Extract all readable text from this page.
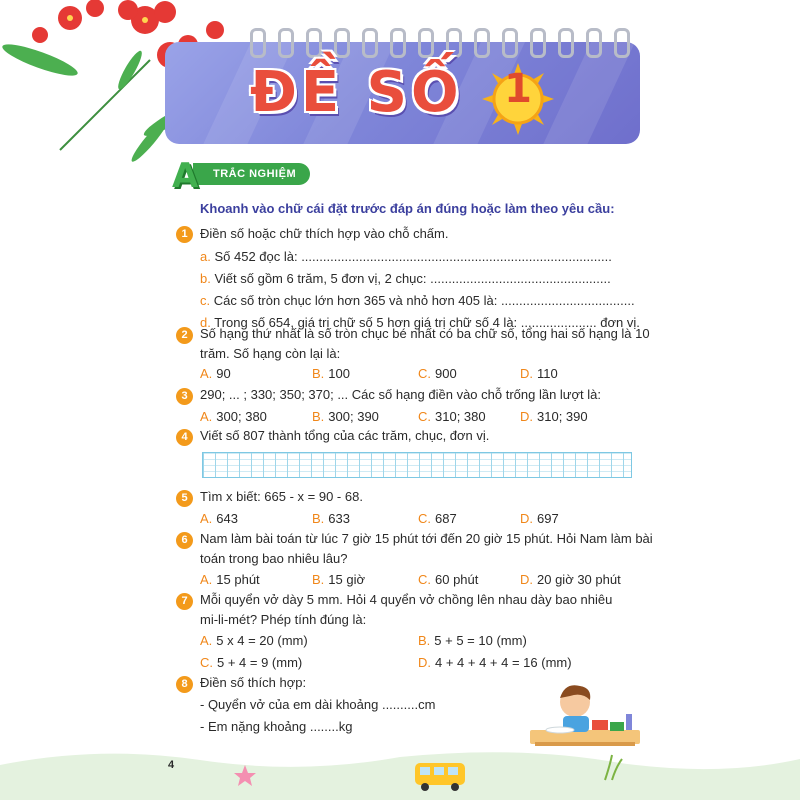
ĐỀ SỐ	1
TRẮC NGHIỆM
A
Khoanh vào chữ cái đặt trước đáp án đúng hoặc làm theo yêu cầu:
1 Điền số hoặc chữ thích hợp vào chỗ chấm.
a. Số 452 đọc là: ......................................................................................
b. Viết số gồm 6 trăm, 5 đơn vị, 2 chục: ..................................................
c. Các số tròn chục lớn hơn 365 và nhỏ hơn 405 là: .....................................
d. Trong số 654, giá trị chữ số 5 hơn giá trị chữ số 4 là: ..................... đơn vị.
2 Số hạng thứ nhất là số tròn chục bé nhất có ba chữ số, tổng hai số hạng là 10
trăm. Số hạng còn lại là:
A. 90	B. 100	C. 900	D. 110
3 290; ... ; 330; 350; 370; ... Các số hạng điền vào chỗ trống lần lượt là:
A. 300; 380	B. 300; 390	C. 310; 380	D. 310; 390
4 Viết số 807 thành tổng của các trăm, chục, đơn vị.
5 Tìm x biết: 665 - x = 90 - 68.
A. 643	B. 633	C. 687	D. 697
6 Nam làm bài toán từ lúc 7 giờ 15 phút tới đến 20 giờ 15 phút. Hỏi Nam làm bài
toán trong bao nhiêu lâu?
A. 15 phút	B. 15 giờ	C. 60 phút	D. 20 giờ 30 phút
7 Mỗi quyển vở dày 5 mm. Hỏi 4 quyển vở chồng lên nhau dày bao nhiêu
mi-li-mét? Phép tính đúng là:
A. 5 x 4 = 20 (mm)	B. 5 + 5 = 10 (mm)
C. 5 + 4 = 9 (mm)	D. 4 + 4 + 4 + 4 = 16 (mm)
8 Điền số thích hợp:
- Quyển vở của em dài khoảng ..........cm
- Em nặng khoảng ........kg
4
